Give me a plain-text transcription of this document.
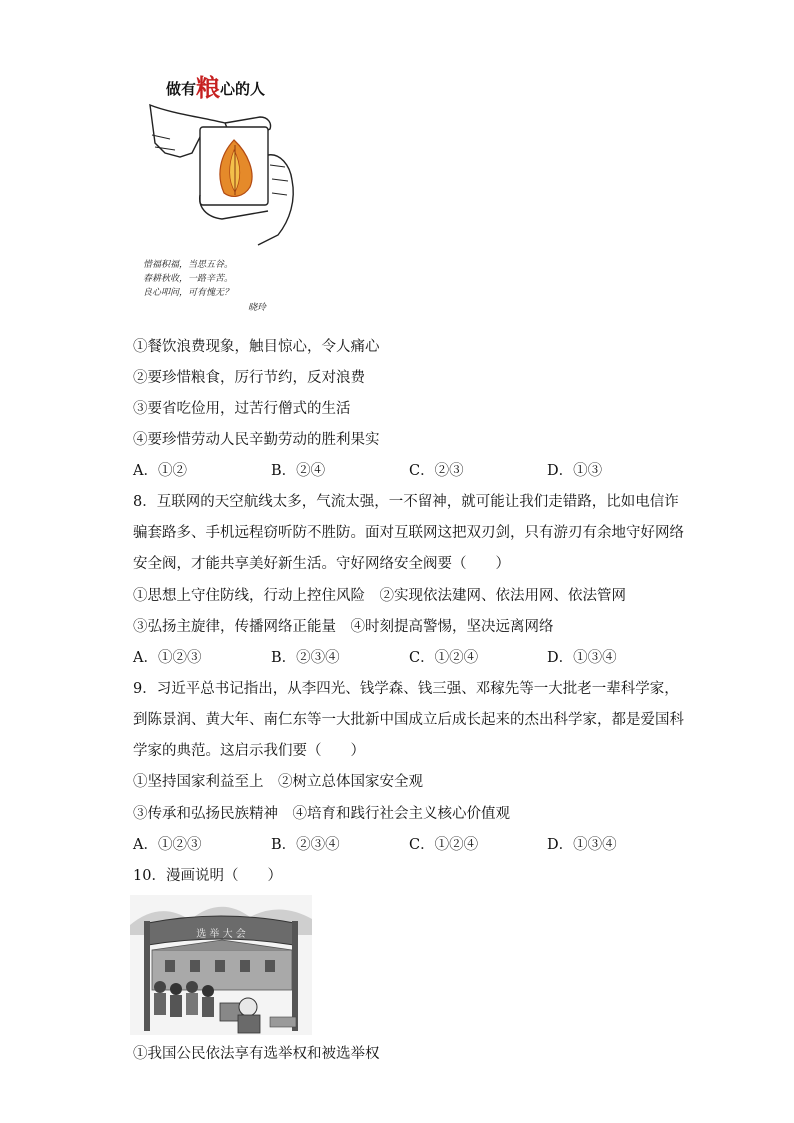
做有粮心的人
惜福积福，当思五谷。
春耕秋收，一路辛苦。
良心叩问，可有愧无？
晓玲
①餐饮浪费现象，触目惊心，令人痛心
②要珍惜粮食，厉行节约，反对浪费
③要省吃俭用，过苦行僧式的生活
④要珍惜劳动人民辛勤劳动的胜利果实
A．①②	B．②④	C．②③	D．①③
8．互联网的天空航线太多，气流太强，一不留神，就可能让我们走错路，比如电信诈
骗套路多、手机远程窃听防不胜防。面对互联网这把双刃剑，只有游刃有余地守好网络
安全阀，才能共享美好新生活。守好网络安全阀要（　　）
①思想上守住防线，行动上控住风险　②实现依法建网、依法用网、依法管网
③弘扬主旋律，传播网络正能量　④时刻提高警惕，坚决远离网络
A．①②③	B．②③④	C．①②④	D．①③④
9．习近平总书记指出，从李四光、钱学森、钱三强、邓稼先等一大批老一辈科学家，
到陈景润、黄大年、南仁东等一大批新中国成立后成长起来的杰出科学家，都是爱国科
学家的典范。这启示我们要（　　）
①坚持国家利益至上　②树立总体国家安全观
③传承和弘扬民族精神　④培育和践行社会主义核心价值观
A．①②③	B．②③④	C．①②④	D．①③④
10．漫画说明（　　）
选 举 大 会
①我国公民依法享有选举权和被选举权
